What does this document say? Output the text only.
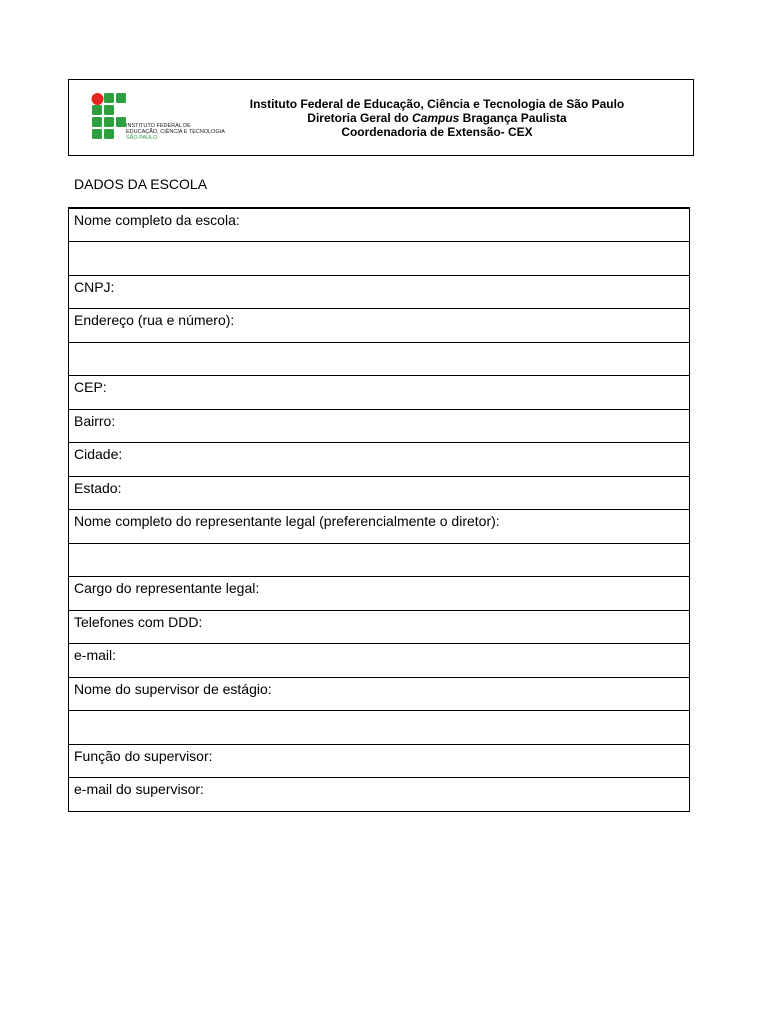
INSTITUTO FEDERAL DE
EDUCAÇÃO, CIÊNCIA E TECNOLOGIA
SÃO PAULO
Instituto Federal de Educação, Ciência e Tecnologia de São Paulo
Diretoria Geral do Campus Bragança Paulista
Coordenadoria de Extensão- CEX
DADOS DA ESCOLA
Nome completo da escola:

CNPJ:
Endereço (rua e número):

CEP:
Bairro:
Cidade:
Estado:
Nome completo do representante legal (preferencialmente o diretor):

Cargo do representante legal:
Telefones com DDD:
e-mail:
Nome do supervisor de estágio:

Função do supervisor:
e-mail do supervisor:
